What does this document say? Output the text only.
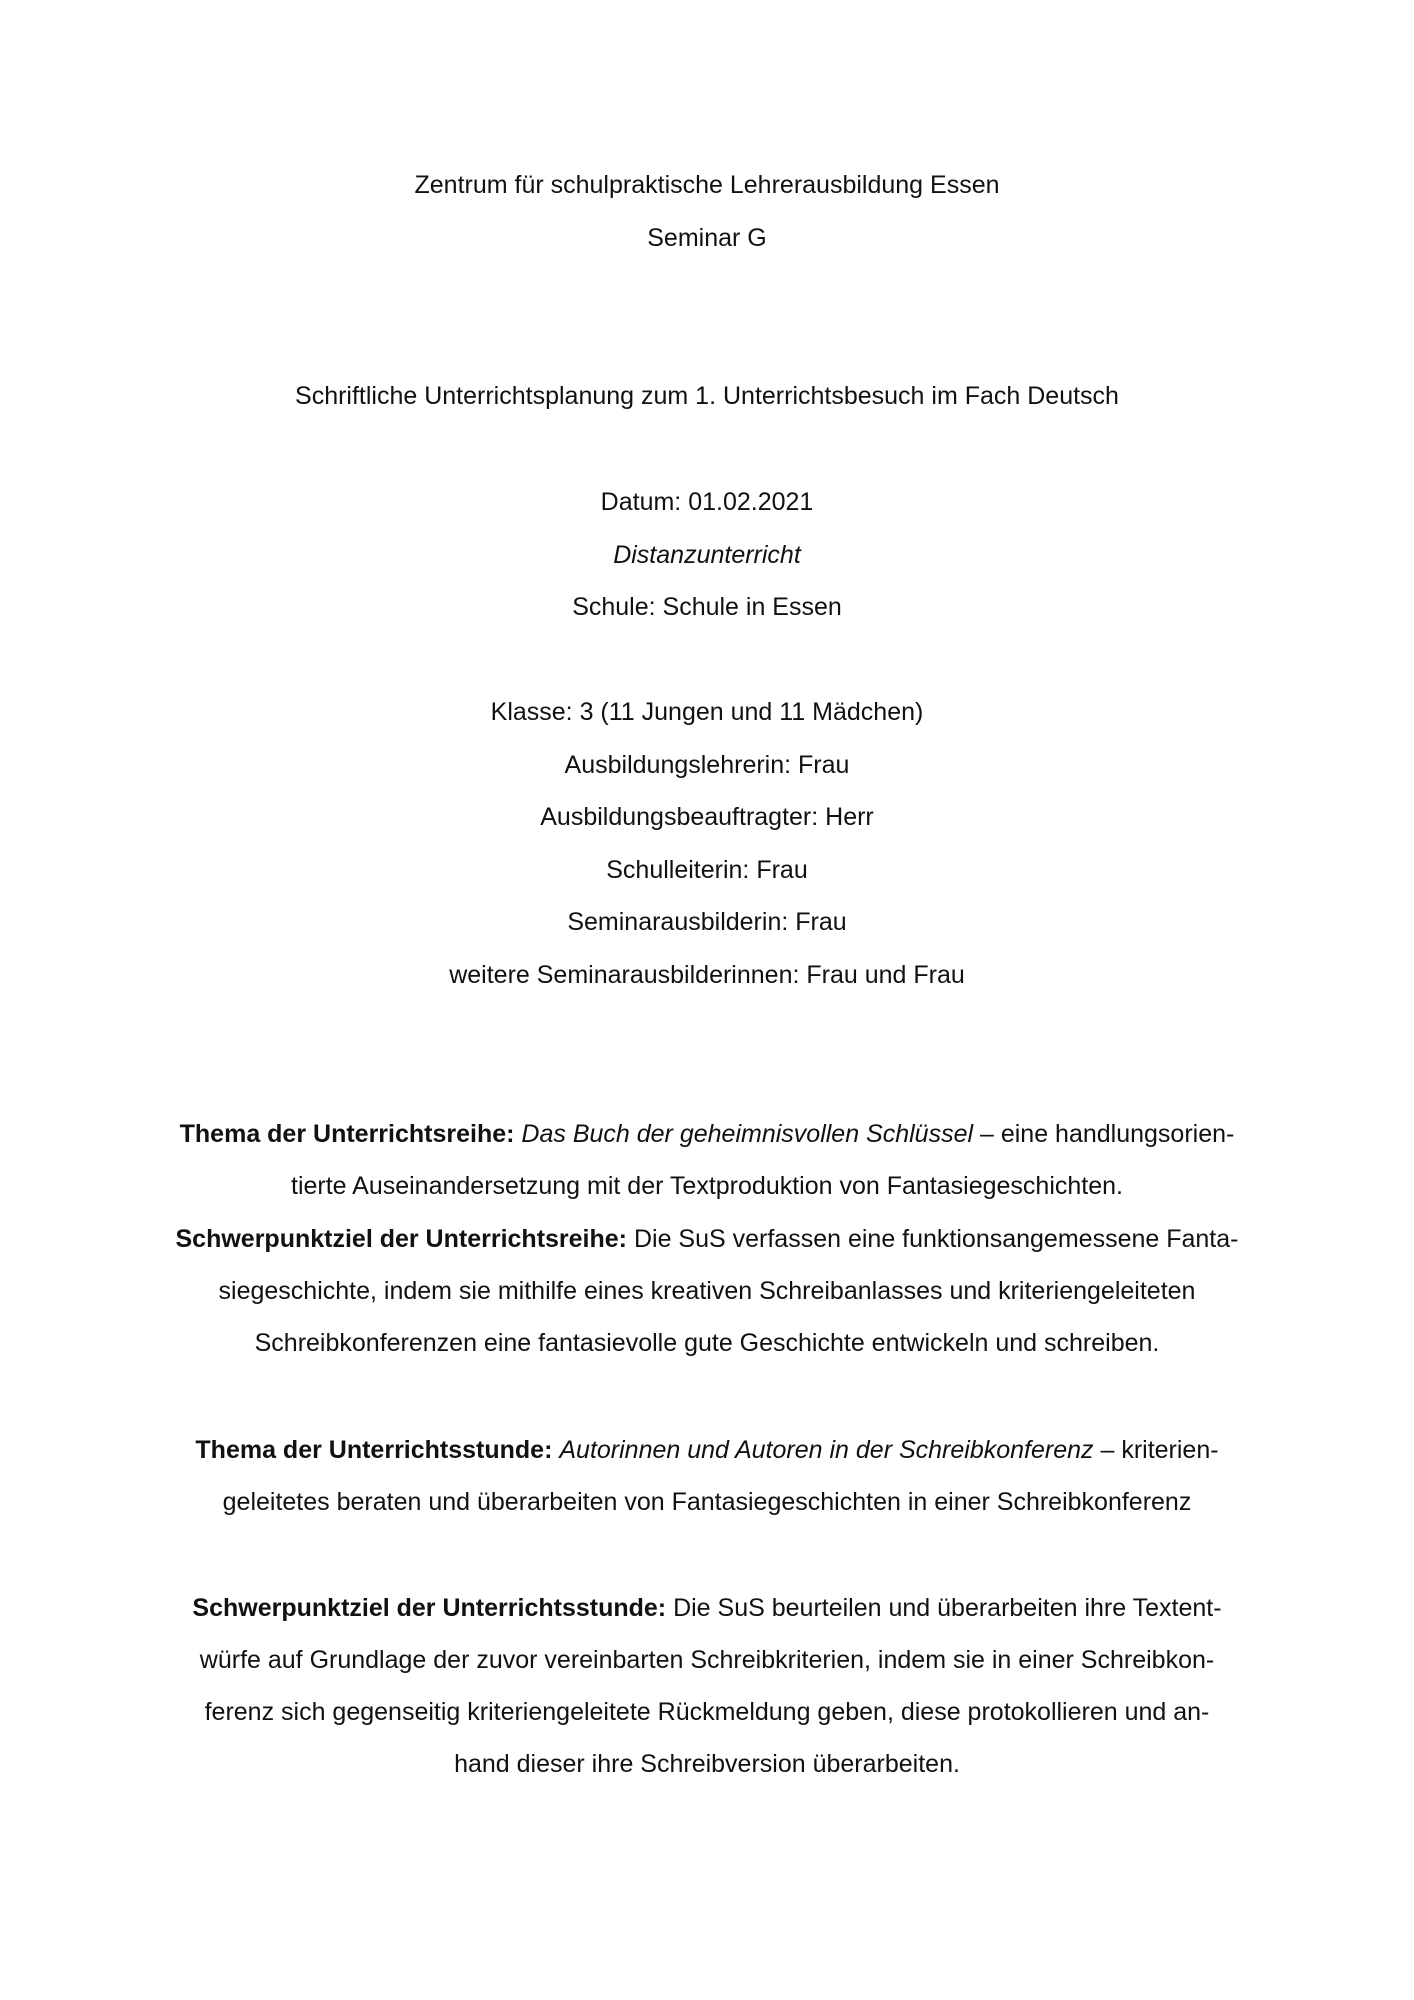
Zentrum für schulpraktische Lehrerausbildung Essen
Seminar G
Schriftliche Unterrichtsplanung zum 1. Unterrichtsbesuch im Fach Deutsch
Datum: 01.02.2021
Distanzunterricht
Schule: Schule in Essen
Klasse: 3 (11 Jungen und 11 Mädchen)
Ausbildungslehrerin: Frau
Ausbildungsbeauftragter: Herr
Schulleiterin: Frau
Seminarausbilderin: Frau
weitere Seminarausbilderinnen: Frau und Frau
Thema der Unterrichtsreihe: Das Buch der geheimnisvollen Schlüssel – eine handlungsorien-
tierte Auseinandersetzung mit der Textproduktion von Fantasiegeschichten.
Schwerpunktziel der Unterrichtsreihe: Die SuS verfassen eine funktionsangemessene Fanta-
siegeschichte, indem sie mithilfe eines kreativen Schreibanlasses und kriteriengeleiteten
Schreibkonferenzen eine fantasievolle gute Geschichte entwickeln und schreiben.
Thema der Unterrichtsstunde: Autorinnen und Autoren in der Schreibkonferenz – kriterien-
geleitetes beraten und überarbeiten von Fantasiegeschichten in einer Schreibkonferenz
Schwerpunktziel der Unterrichtsstunde: Die SuS beurteilen und überarbeiten ihre Textent-
würfe auf Grundlage der zuvor vereinbarten Schreibkriterien, indem sie in einer Schreibkon-
ferenz sich gegenseitig kriteriengeleitete Rückmeldung geben, diese protokollieren und an-
hand dieser ihre Schreibversion überarbeiten.
